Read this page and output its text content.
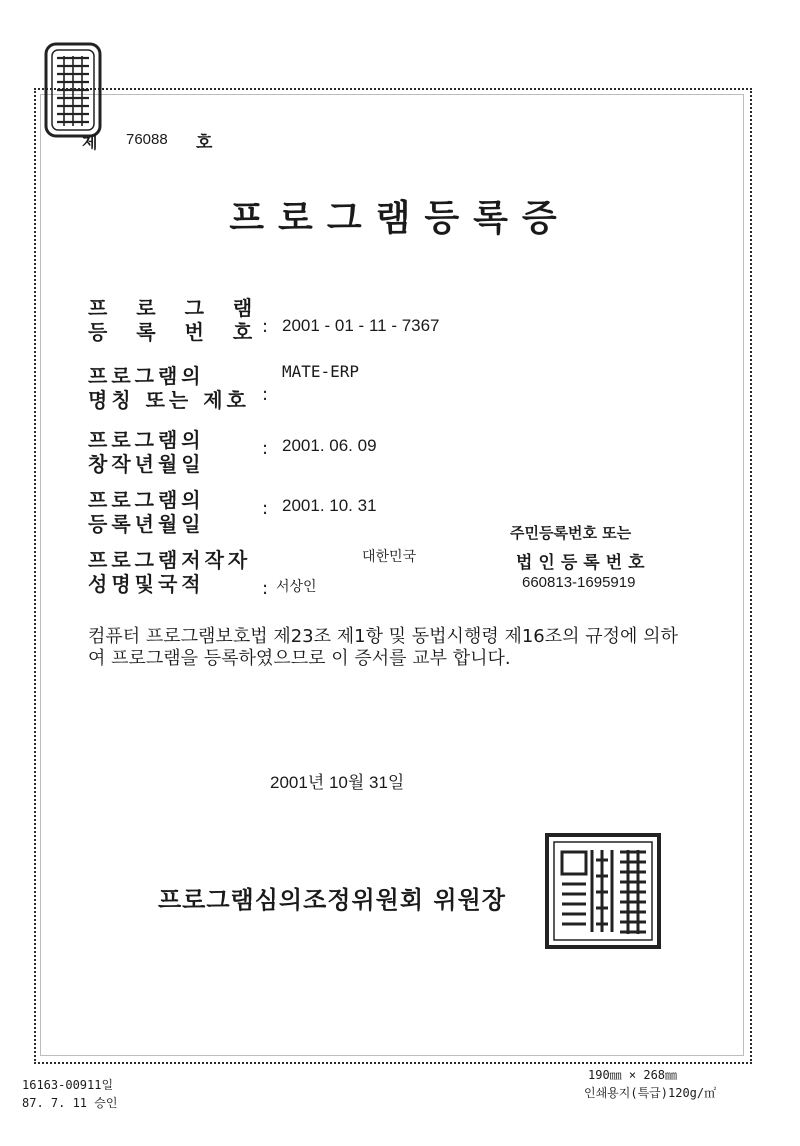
제 76088 호
프로그램등록증
프 로 그 램
등 록 번 호
: 2001 - 01 - 11 - 7367
프로그램의
명칭 또는 제호 :
MATE-ERP
프로그램의
창작년월일
: 2001. 06. 09
프로그램의
등록년월일
: 2001. 10. 31
프로그램저작자
성명및국적
대한민국
: 서상인
주민등록번호 또는
법인등록번호
660813-1695919
컴퓨터 프로그램보호법 제23조 제1항 및 동법시행령 제16조의 규정에 의하여 프로그램을 등록하였으므로 이 증서를 교부 합니다.
2001년 10월 31일
프로그램심의조정위원회 위원장
16163-00911일
87. 7. 11 승인
190㎜ × 268㎜
인쇄용지(특급)120g/㎡
